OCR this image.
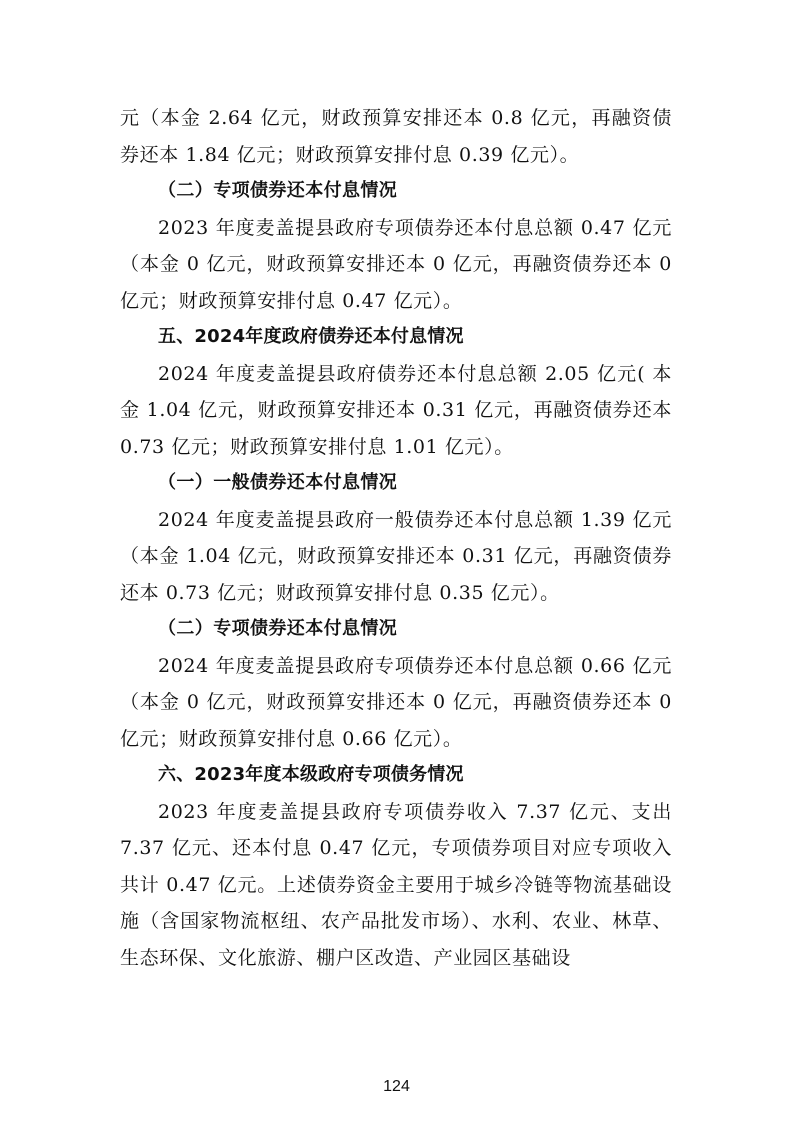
元（本金 2.64 亿元，财政预算安排还本 0.8 亿元，再融资债券还本 1.84 亿元；财政预算安排付息 0.39 亿元）。

（二）专项债券还本付息情况

2023 年度麦盖提县政府专项债券还本付息总额 0.47 亿元（本金 0 亿元，财政预算安排还本 0 亿元，再融资债券还本 0 亿元；财政预算安排付息 0.47 亿元）。

五、2024年度政府债券还本付息情况

2024 年度麦盖提县政府债券还本付息总额 2.05 亿元( 本金 1.04 亿元，财政预算安排还本 0.31 亿元，再融资债券还本 0.73 亿元；财政预算安排付息 1.01 亿元）。

（一）一般债券还本付息情况

2024 年度麦盖提县政府一般债券还本付息总额 1.39 亿元（本金 1.04 亿元，财政预算安排还本 0.31 亿元，再融资债券还本 0.73 亿元；财政预算安排付息 0.35 亿元）。

（二）专项债券还本付息情况

2024 年度麦盖提县政府专项债券还本付息总额 0.66 亿元（本金 0 亿元，财政预算安排还本 0 亿元，再融资债券还本 0 亿元；财政预算安排付息 0.66 亿元）。

六、2023年度本级政府专项债务情况

2023 年度麦盖提县政府专项债券收入 7.37 亿元、支出 7.37 亿元、还本付息 0.47 亿元，专项债券项目对应专项收入共计 0.47 亿元。上述债券资金主要用于城乡冷链等物流基础设施（含国家物流枢纽、农产品批发市场）、水利、农业、林草、生态环保、文化旅游、棚户区改造、产业园区基础设

124
